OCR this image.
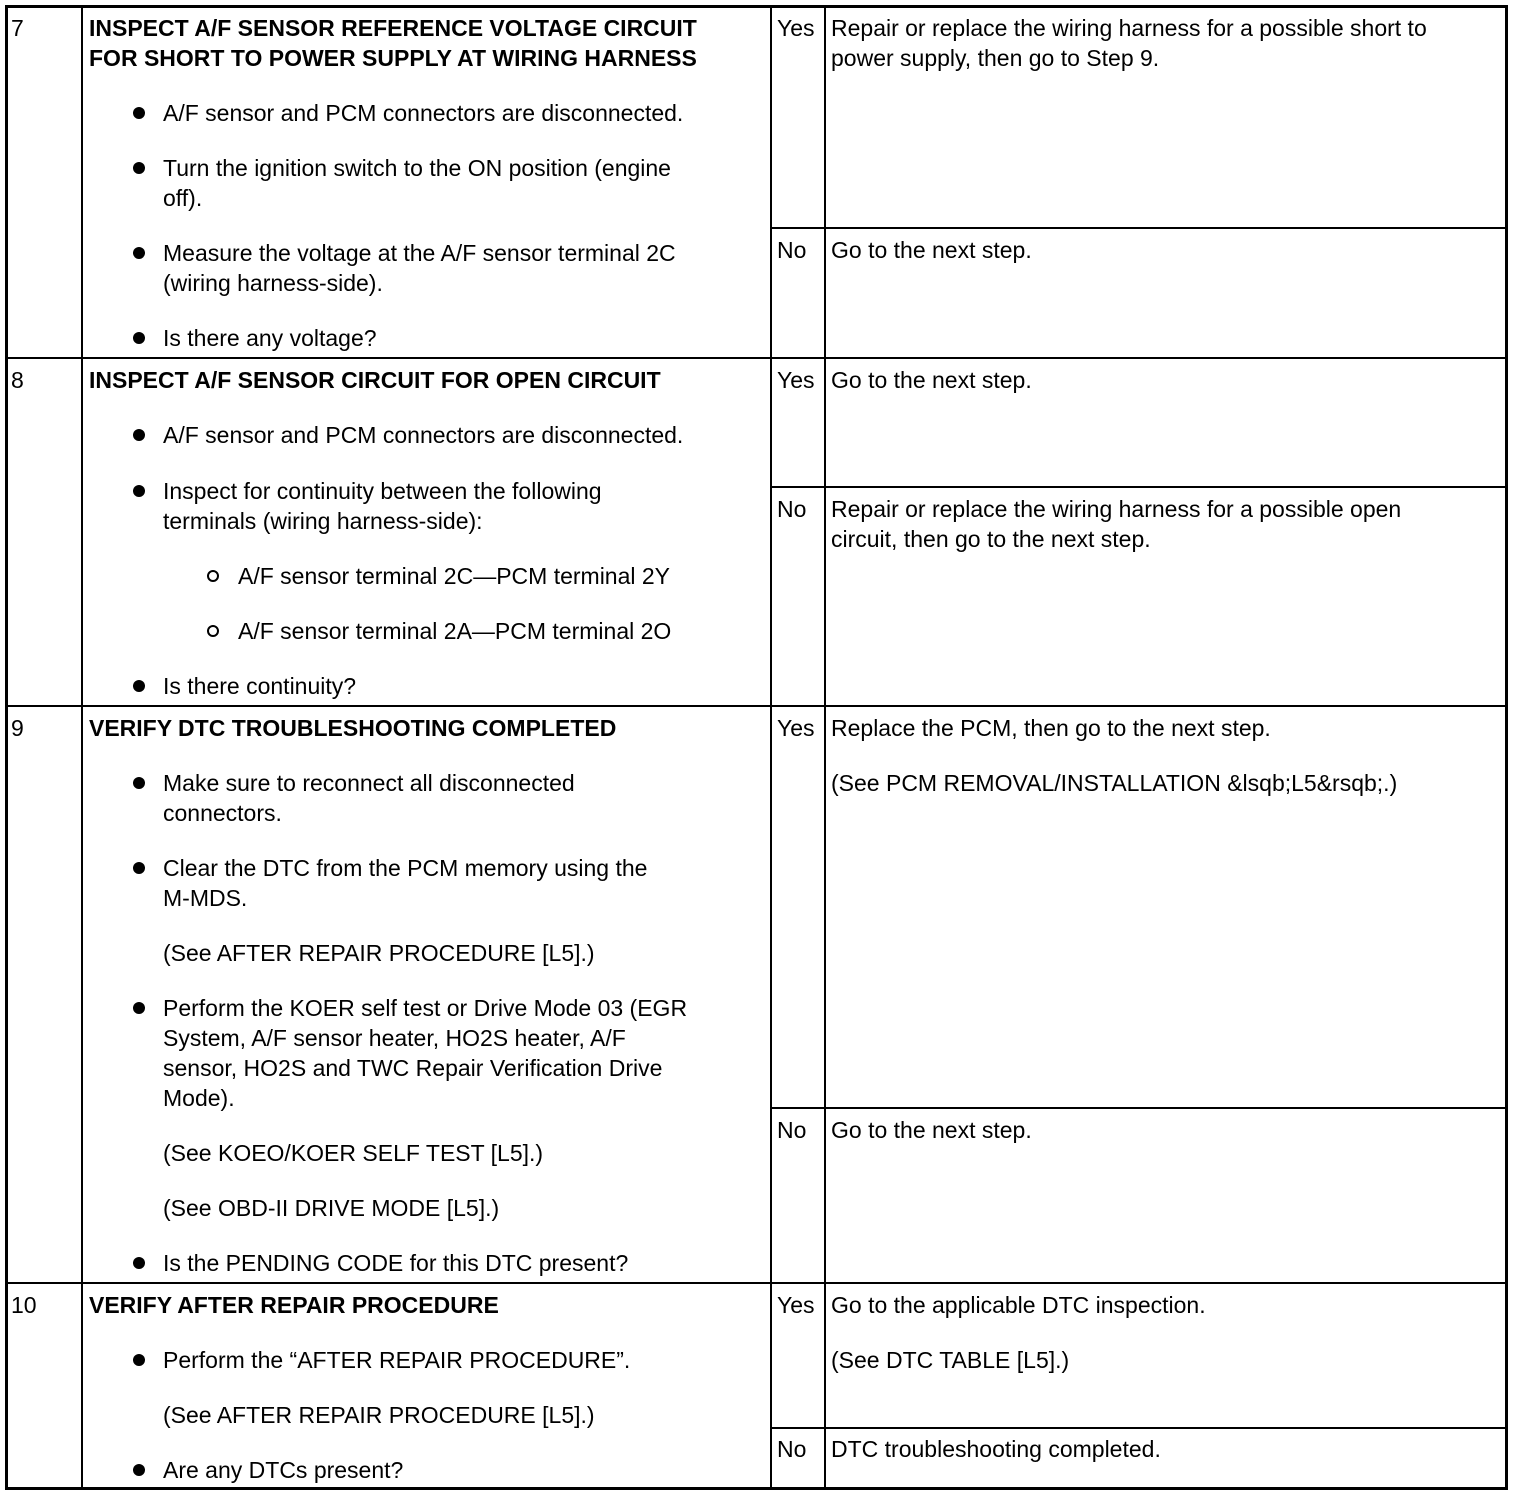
7	INSPECT A/F SENSOR REFERENCE VOLTAGE CIRCUIT
FOR SHORT TO POWER SUPPLY AT WIRING HARNESS
A/F sensor and PCM connectors are disconnected.
Turn the ignition switch to the ON position (engine
off).
Measure the voltage at the A/F sensor terminal 2C
(wiring harness-side).
Is there any voltage?
Yes Repair or replace the wiring harness for a possible short to
power supply, then go to Step 9.
No Go to the next step.
8	INSPECT A/F SENSOR CIRCUIT FOR OPEN CIRCUIT
A/F sensor and PCM connectors are disconnected.
Inspect for continuity between the following
terminals (wiring harness-side):
A/F sensor terminal 2C—PCM terminal 2Y
A/F sensor terminal 2A—PCM terminal 2O
Is there continuity?
Yes Go to the next step.
No Repair or replace the wiring harness for a possible open
circuit, then go to the next step.
9	VERIFY DTC TROUBLESHOOTING COMPLETED
Make sure to reconnect all disconnected
connectors.
Clear the DTC from the PCM memory using the
M-MDS.
(See AFTER REPAIR PROCEDURE [L5].)
Perform the KOER self test or Drive Mode 03 (EGR
System, A/F sensor heater, HO2S heater, A/F
sensor, HO2S and TWC Repair Verification Drive
Mode).
(See KOEO/KOER SELF TEST [L5].)
(See OBD-II DRIVE MODE [L5].)
Is the PENDING CODE for this DTC present?
Yes Replace the PCM, then go to the next step.
(See PCM REMOVAL/INSTALLATION &lsqb;L5&rsqb;.)
No Go to the next step.
10 VERIFY AFTER REPAIR PROCEDURE
Perform the “AFTER REPAIR PROCEDURE”.
(See AFTER REPAIR PROCEDURE [L5].)
Are any DTCs present?
Yes Go to the applicable DTC inspection.
(See DTC TABLE [L5].)
No DTC troubleshooting completed.
